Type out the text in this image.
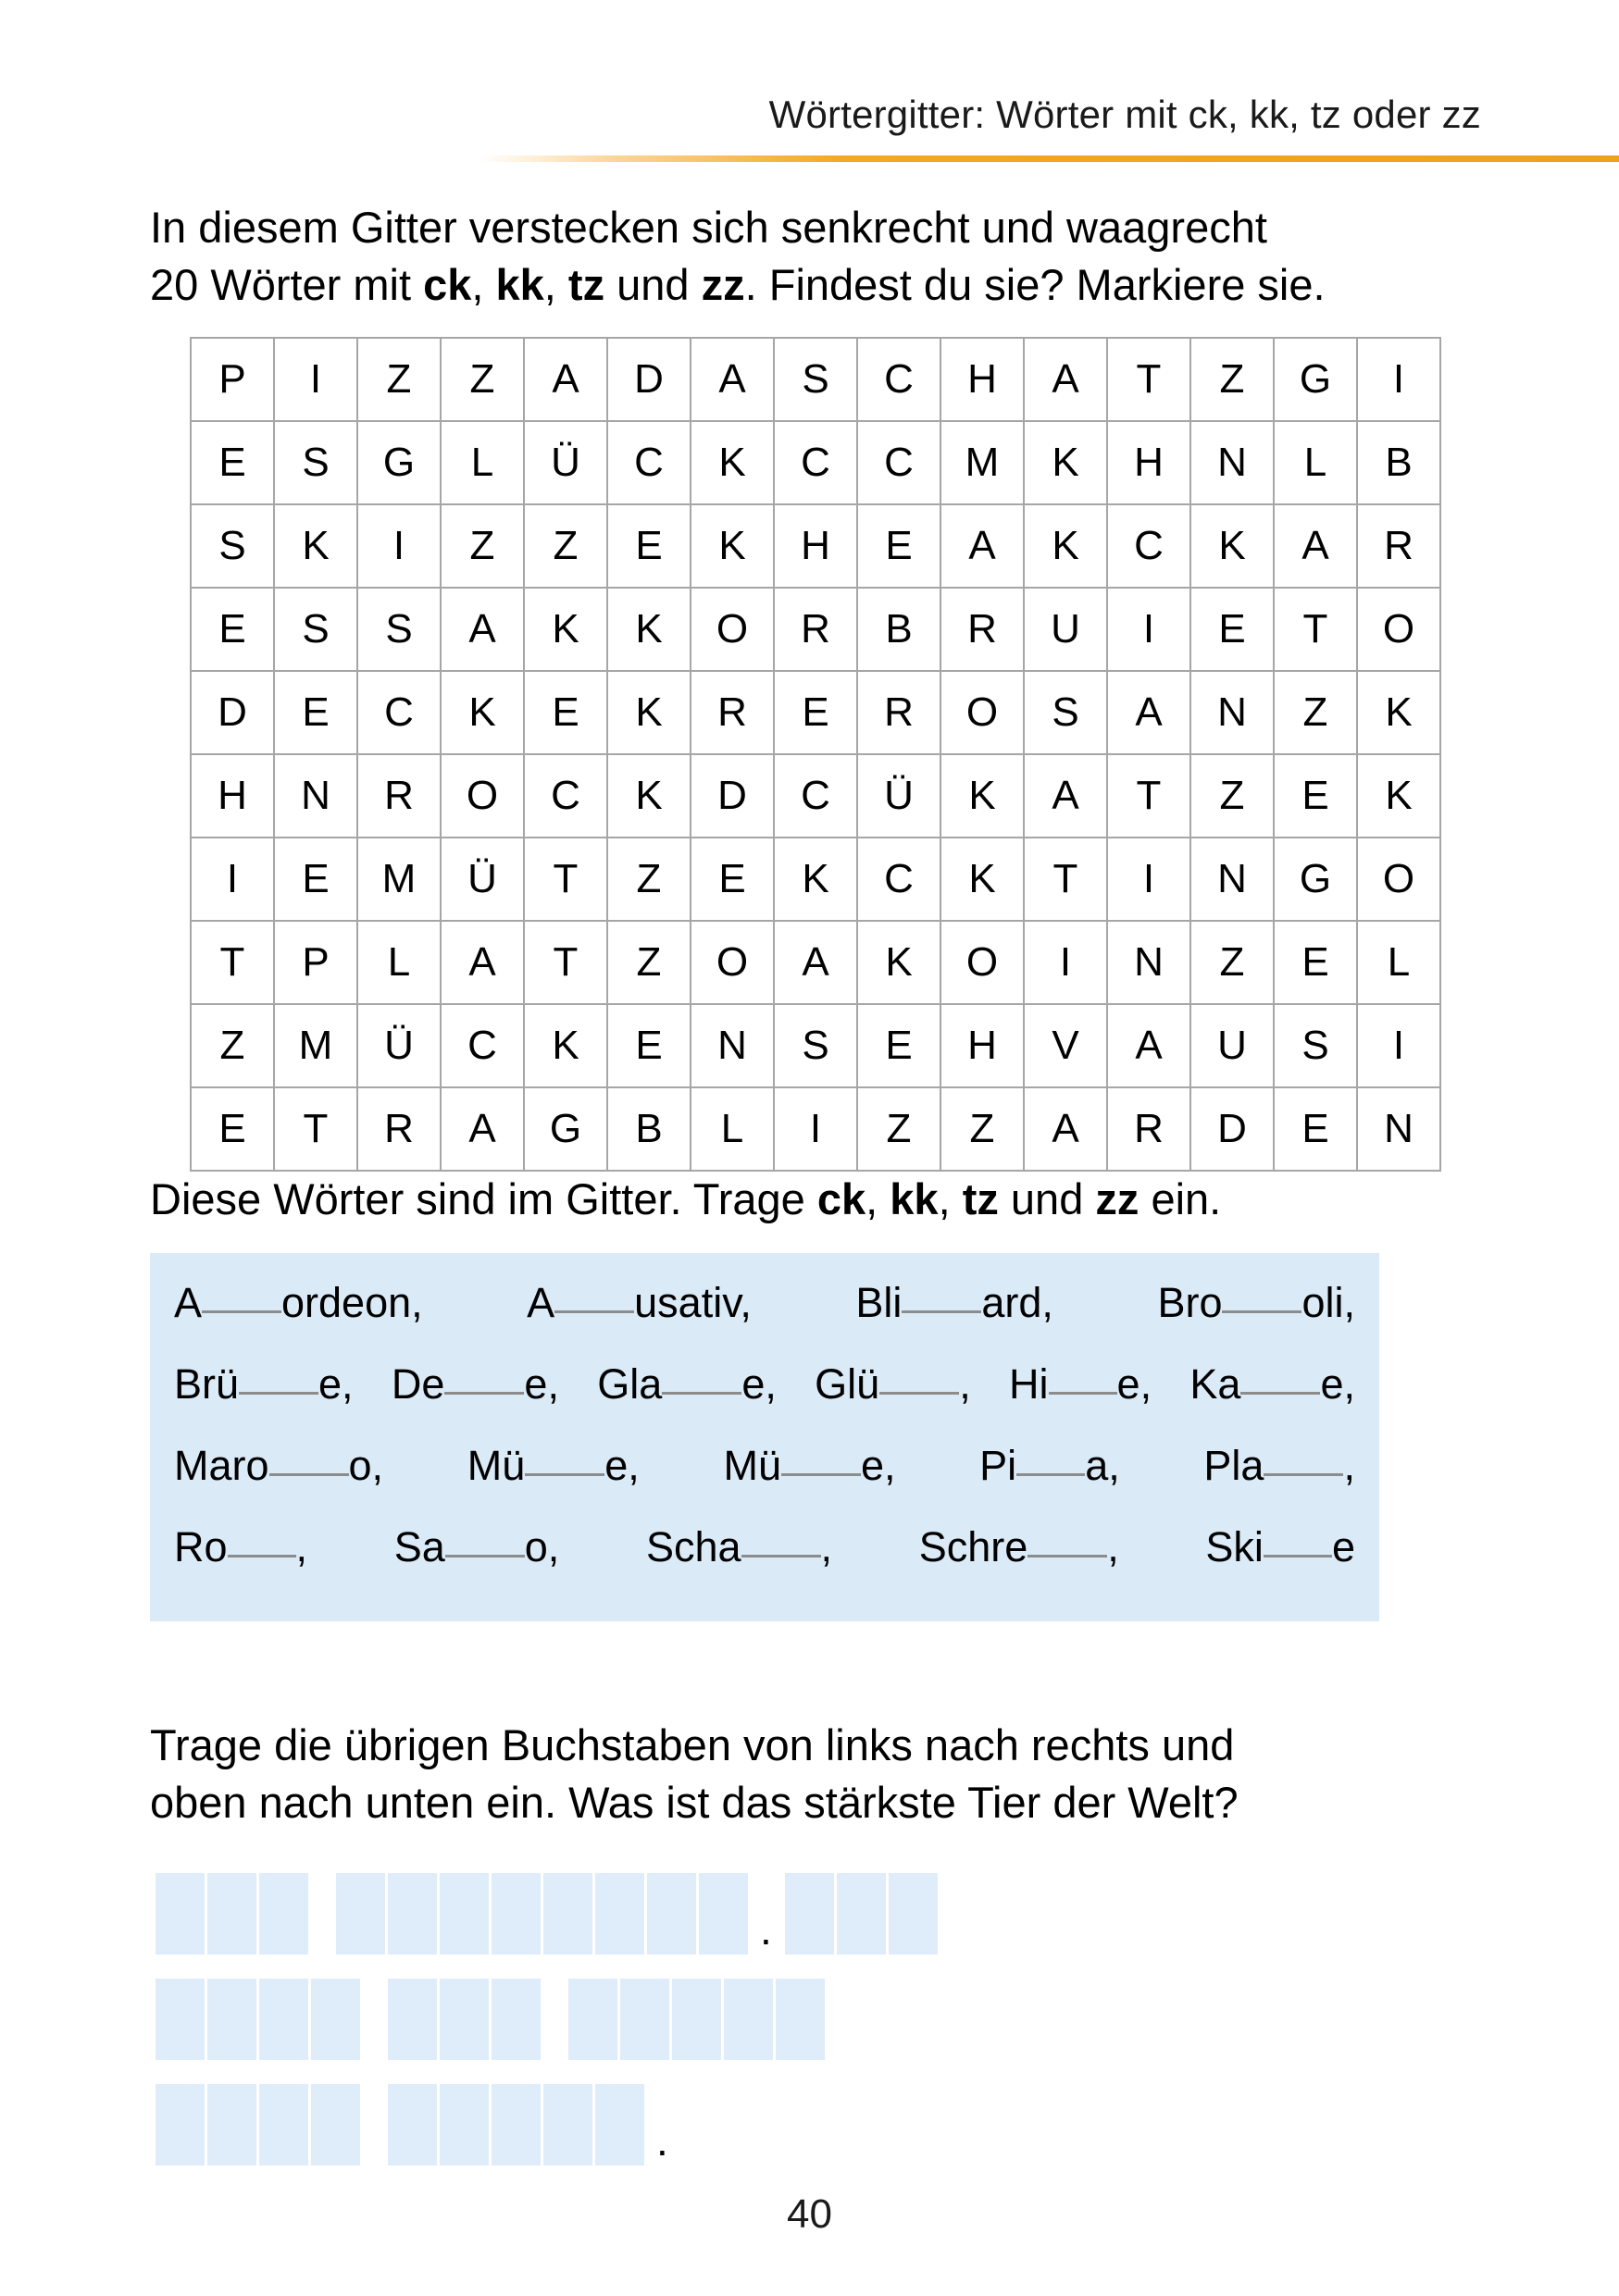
Wörtergitter: Wörter mit ck, kk, tz oder zz
In diesem Gitter verstecken sich senkrecht und waagrecht
20 Wörter mit ck, kk, tz und zz. Findest du sie? Markiere sie.
P	I	Z	Z	A	D	A	S	C	H	A	T	Z	G	I
E	S	G	L	Ü	C	K	C	C	M	K	H	N	L	B
S	K	I	Z	Z	E	K	H	E	A	K	C	K	A	R
E	S	S	A	K	K	O	R	B	R	U	I	E	T	O
D	E	C	K	E	K	R	E	R	O	S	A	N	Z	K
H	N	R	O	C	K	D	C	Ü	K	A	T	Z	E	K
I	E	M	Ü	T	Z	E	K	C	K	T	I	N	G	O
T	P	L	A	T	Z	O	A	K	O	I	N	Z	E	L
Z	M	Ü	C	K	E	N	S	E	H	V	A	U	S	I
E	T	R	A	G	B	L	I	Z	Z	A	R	D	E	N
Diese Wörter sind im Gitter. Trage ck, kk, tz und zz ein.
A ordeon,	A usativ,	Bli ard,	Bro oli,
Brü e, De e, Gla e, Glü , Hi e, Ka e,
Maro o, Mü e, Mü e, Pi a, Pla ,
Ro , Sa o, Scha , Schre , Ski e
Trage die übrigen Buchstaben von links nach rechts und
oben nach unten ein. Was ist das stärkste Tier der Welt?
.
.
40
